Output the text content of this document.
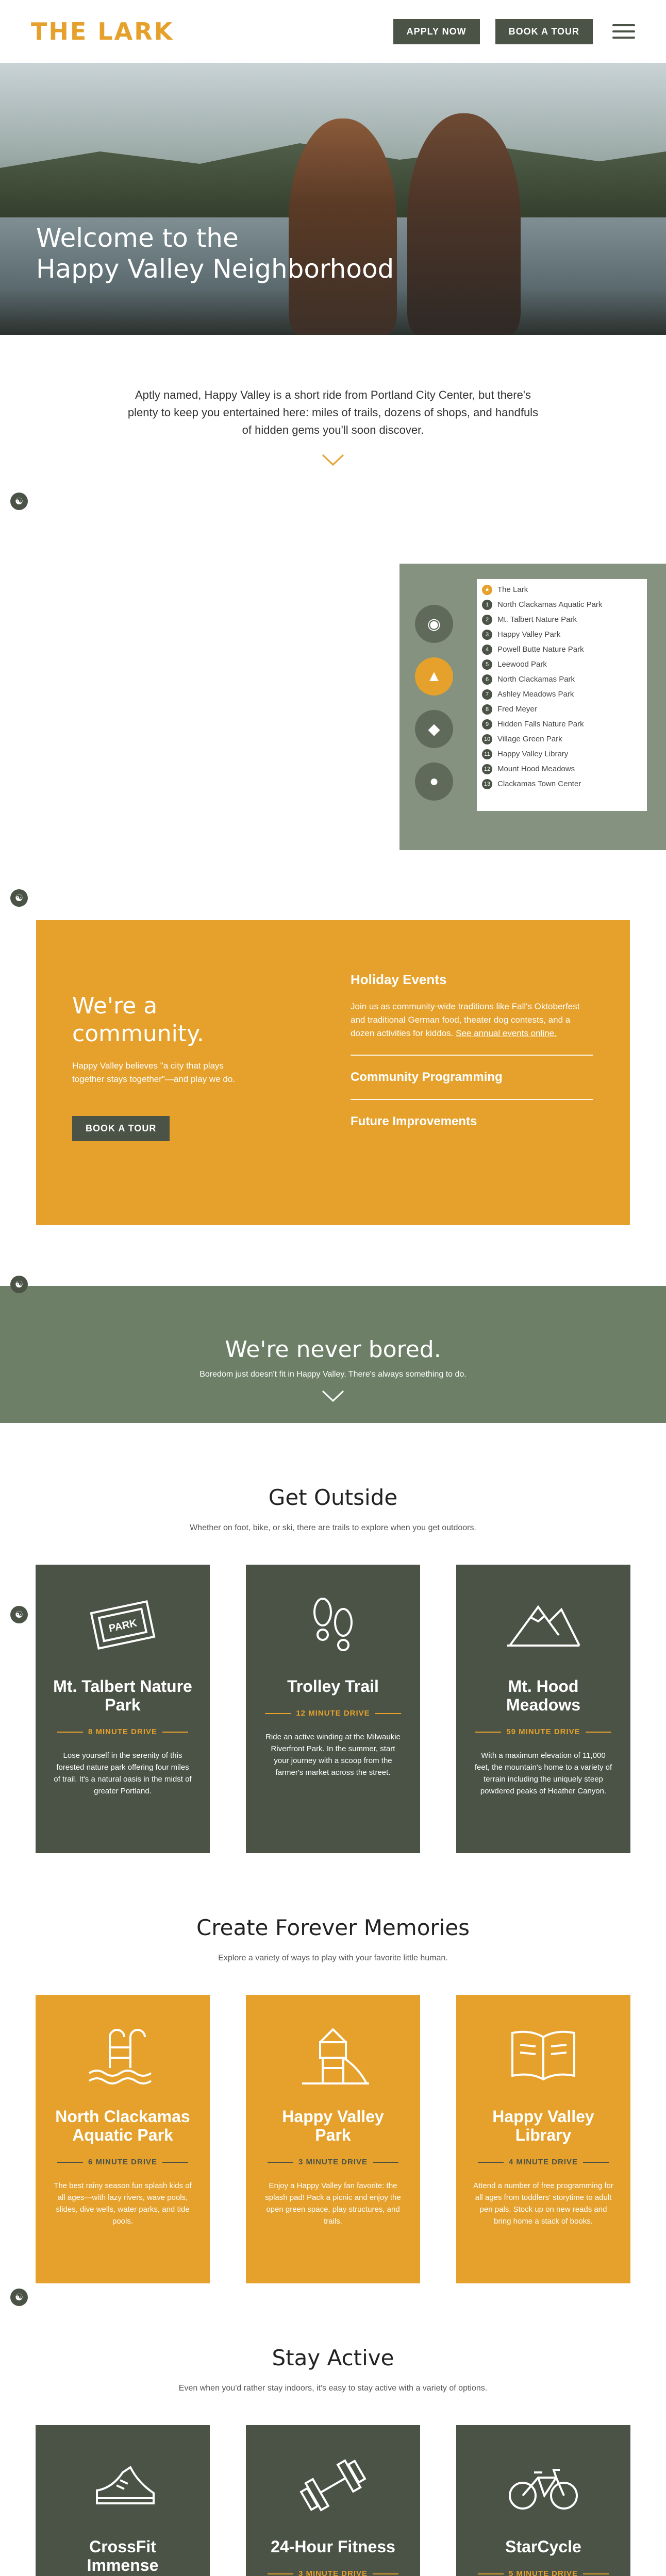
THE LARK	APPLY NOW	BOOK A TOUR
Welcome to the
Happy Valley Neighborhood

Aptly named, Happy Valley is a short ride from Portland City Center, but there's plenty to keep you entertained here: miles of trails, dozens of shops, and handfuls of hidden gems you'll soon discover.

☯
◉
▲
◆
●
★	The Lark
1	North Clackamas Aquatic Park
2	Mt. Talbert Nature Park
3	Happy Valley Park
4	Powell Butte Nature Park
5	Leewood Park
6	North Clackamas Park
7	Ashley Meadows Park
8	Fred Meyer
9	Hidden Falls Nature Park
10 Village Green Park
11 Happy Valley Library
12 Mount Hood Meadows
13 Clackamas Town Center
☯
We're a
community.

Happy Valley believes "a city that plays together stays together"—and play we do.

BOOK A TOUR
Holiday Events

Join us as community-wide traditions like Fall's Oktoberfest and traditional German food, theater dog contests, and a dozen activities for kiddos. See annual events online.

Community Programming
Future Improvements
☯
We're never bored.

Boredom just doesn't fit in Happy Valley. There's always something to do.

Get Outside

Whether on foot, bike, or ski, there are trails to explore when you get outdoors.

☯
PARK
Mt. Talbert Nature Park
8 MINUTE DRIVE

Lose yourself in the serenity of this forested nature park offering four miles of trail. It's a natural oasis in the midst of greater Portland.

Trolley Trail
12 MINUTE DRIVE

Ride an active winding at the Milwaukie Riverfront Park. In the summer, start your journey with a scoop from the farmer's market across the street.

Mt. Hood Meadows
59 MINUTE DRIVE

With a maximum elevation of 11,000 feet, the mountain's home to a variety of terrain including the uniquely steep powdered peaks of Heather Canyon.

Create Forever Memories

Explore a variety of ways to play with your favorite little human.

North Clackamas Aquatic Park
6 MINUTE DRIVE

The best rainy season fun splash kids of all ages—with lazy rivers, wave pools, slides, dive wells, water parks, and tide pools.

Happy Valley Park
3 MINUTE DRIVE

Enjoy a Happy Valley fan favorite: the splash pad! Pack a picnic and enjoy the open green space, play structures, and trails.

Happy Valley Library
4 MINUTE DRIVE

Attend a number of free programming for all ages from toddlers' storytime to adult pen pals. Stock up on new reads and bring home a stack of books.

☯
Stay Active

Even when you'd rather stay indoors, it's easy to stay active with a variety of options.

CrossFit Immense

24-Hour Fitness
3 MINUTE DRIVE

StarCycle
5 MINUTE DRIVE
